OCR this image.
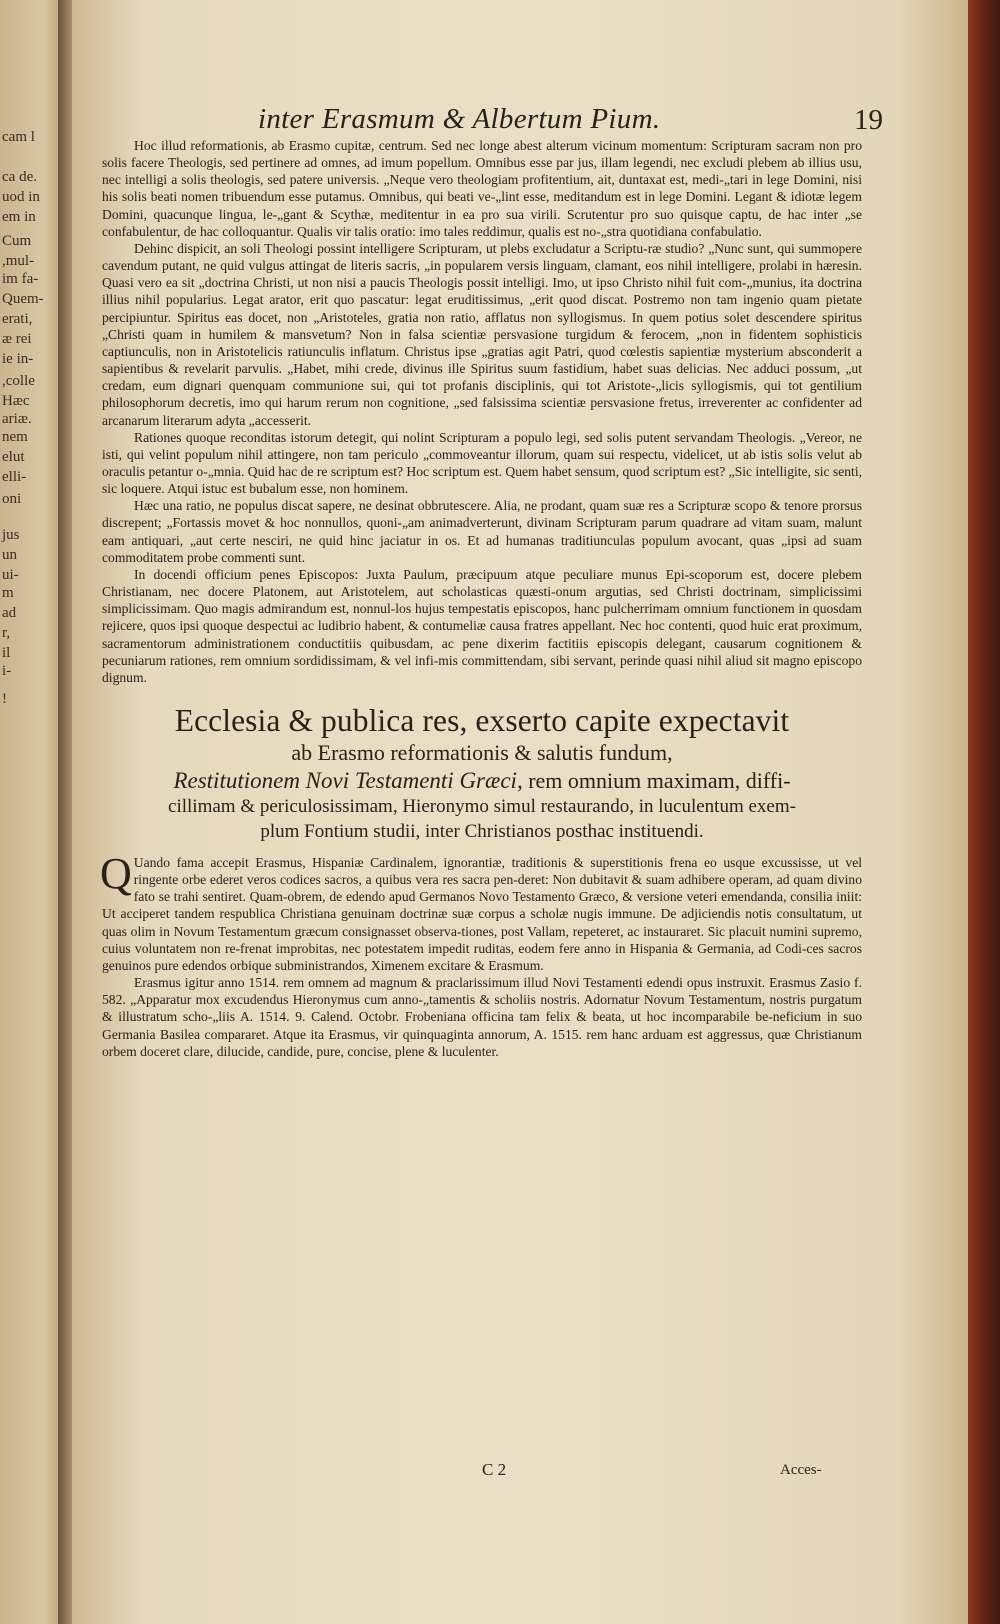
cam l
ca de.
uod in
em in
Cum
,mul-
im fa-
Quem-
erati,
æ rei
ie in-
,colle
Hæc
ariæ.
nem
elut
elli-
oni
jus
un
ui-
m
ad
r,
il
i-
!
inter Erasmum & Albertum Pium.	19

Hoc illud reformationis, ab Erasmo cupitæ, centrum. Sed nec longe abest alterum vicinum momentum: Scripturam sacram non pro solis facere Theologis, sed pertinere ad omnes, ad imum popellum. Omnibus esse par jus, illam legendi, nec excludi plebem ab illius usu, nec intelligi a solis theologis, sed patere universis. „Neque vero theologiam profitentium, ait, duntaxat est, medi-„tari in lege Domini, nisi his solis beati nomen tribuendum esse putamus. Omnibus, qui beati ve-„lint esse, meditandum est in lege Domini. Legant & idiotæ legem Domini, quacunque lingua, le-„gant & Scythæ, meditentur in ea pro sua virili. Scrutentur pro suo quisque captu, de hac inter „se confabulentur, de hac colloquantur. Qualis vir talis oratio: imo tales reddimur, qualis est no-„stra quotidiana confabulatio.

Dehinc dispicit, an soli Theologi possint intelligere Scripturam, ut plebs excludatur a Scriptu-ræ studio? „Nunc sunt, qui summopere cavendum putant, ne quid vulgus attingat de literis sacris, „in popularem versis linguam, clamant, eos nihil intelligere, prolabi in hæresin. Quasi vero ea sit „doctrina Christi, ut non nisi a paucis Theologis possit intelligi. Imo, ut ipso Christo nihil fuit com-„munius, ita doctrina illius nihil popularius. Legat arator, erit quo pascatur: legat eruditissimus, „erit quod discat. Postremo non tam ingenio quam pietate percipiuntur. Spiritus eas docet, non „Aristoteles, gratia non ratio, afflatus non syllogismus. In quem potius solet descendere spiritus „Christi quam in humilem & mansvetum? Non in falsa scientiæ persvasione turgidum & ferocem, „non in fidentem sophisticis captiunculis, non in Aristotelicis ratiunculis inflatum. Christus ipse „gratias agit Patri, quod cœlestis sapientiæ mysterium absconderit a sapientibus & revelarit parvulis. „Habet, mihi crede, divinus ille Spiritus suum fastidium, habet suas delicias. Nec adduci possum, „ut credam, eum dignari quenquam communione sui, qui tot profanis disciplinis, qui tot Aristote-„licis syllogismis, qui tot gentilium philosophorum decretis, imo qui harum rerum non cognitione, „sed falsissima scientiæ persvasione fretus, irreverenter ac confidenter ad arcanarum literarum adyta „accesserit.

Rationes quoque reconditas istorum detegit, qui nolint Scripturam a populo legi, sed solis putent servandam Theologis. „Vereor, ne isti, qui velint populum nihil attingere, non tam periculo „commoveantur illorum, quam sui respectu, videlicet, ut ab istis solis velut ab oraculis petantur o-„mnia. Quid hac de re scriptum est? Hoc scriptum est. Quem habet sensum, quod scriptum est? „Sic intelligite, sic senti, sic loquere. Atqui istuc est bubalum esse, non hominem.

Hæc una ratio, ne populus discat sapere, ne desinat obbrutescere. Alia, ne prodant, quam suæ res a Scripturæ scopo & tenore prorsus discrepent; „Fortassis movet & hoc nonnullos, quoni-„am animadverterunt, divinam Scripturam parum quadrare ad vitam suam, malunt eam antiquari, „aut certe nesciri, ne quid hinc jaciatur in os. Et ad humanas traditiunculas populum avocant, quas „ipsi ad suam commoditatem probe commenti sunt.

In docendi officium penes Episcopos: Juxta Paulum, præcipuum atque peculiare munus Epi-scoporum est, docere plebem Christianam, nec docere Platonem, aut Aristotelem, aut scholasticas quæsti-onum argutias, sed Christi doctrinam, simplicissimi simplicissimam. Quo magis admirandum est, nonnul-los hujus tempestatis episcopos, hanc pulcherrimam omnium functionem in quosdam rejicere, quos ipsi quoque despectui ac ludibrio habent, & contumeliæ causa fratres appellant. Nec hoc contenti, quod huic erat proximum, sacramentorum administrationem conductitiis quibusdam, ac pene dixerim factitiis episcopis delegant, causarum cognitionem & pecuniarum rationes, rem omnium sordidissimam, & vel infi-mis committendam, sibi servant, perinde quasi nihil aliud sit magno episcopo dignum.

Ecclesia & publica res, exserto capite expectavit
ab Erasmo reformationis & salutis fundum,
Restitutionem Novi Testamenti Græci, rem omnium maximam, diffi-
cillimam & periculosissimam, Hieronymo simul restaurando, in luculentum exem-
plum Fontium studii, inter Christianos posthac instituendi.

Q Uando fama accepit Erasmus, Hispaniæ Cardinalem, ignorantiæ, traditionis & superstitionis frena eo usque excussisse, ut vel ringente orbe ederet veros codices sacros, a quibus vera res sacra pen-deret: Non dubitavit & suam adhibere operam, ad quam divino fato se trahi sentiret. Quam-obrem, de edendo apud Germanos Novo Testamento Græco, & versione veteri emendanda, consilia iniit: Ut acciperet tandem respublica Christiana genuinam doctrinæ suæ corpus a scholæ nugis immune. De adjiciendis notis consultatum, ut quas olim in Novum Testamentum græcum consignasset observa-tiones, post Vallam, repeteret, ac instauraret. Sic placuit numini supremo, cuius voluntatem non re-frenat improbitas, nec potestatem impedit ruditas, eodem fere anno in Hispania & Germania, ad Codi-ces sacros genuinos pure edendos orbique subministrandos, Ximenem excitare & Erasmum.

Erasmus igitur anno 1514. rem omnem ad magnum & praclarissimum illud Novi Testamenti edendi opus instruxit. Erasmus Zasio f. 582. „Apparatur mox excudendus Hieronymus cum anno-„tamentis & scholiis nostris. Adornatur Novum Testamentum, nostris purgatum & illustratum scho-„liis A. 1514. 9. Calend. Octobr. Frobeniana officina tam felix & beata, ut hoc incomparabile be-neficium in suo Germania Basilea compararet. Atque ita Erasmus, vir quinquaginta annorum, A. 1515. rem hanc arduam est aggressus, quæ Christianum orbem doceret clare, dilucide, candide, pure, concise, plene & luculenter.

C 2	Acces-
